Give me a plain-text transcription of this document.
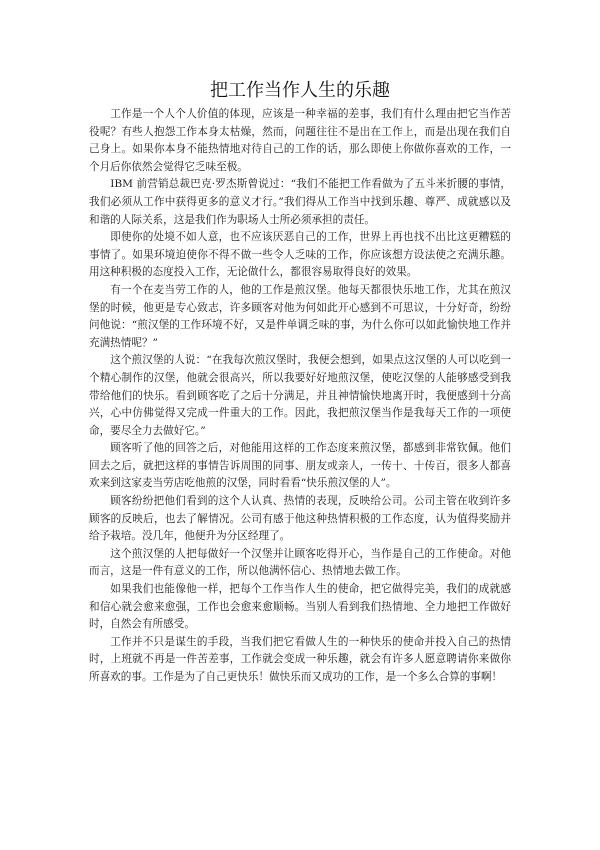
把工作当作人生的乐趣

工作是一个人个人价值的体现，应该是一种幸福的差事，我们有什么理由把它当作苦役呢？有些人抱怨工作本身太枯燥，然而，问题往往不是出在工作上，而是出现在我们自己身上。如果你本身不能热情地对待自己的工作的话，那么即使上你做你喜欢的工作，一个月后你依然会觉得它乏味至极。

IBM 前营销总裁巴克·罗杰斯曾说过：“我们不能把工作看做为了五斗米折腰的事情，我们必须从工作中获得更多的意义才行。”我们得从工作当中找到乐趣、尊严、成就感以及和谐的人际关系，这是我们作为职场人士所必须承担的责任。

即使你的处境不如人意，也不应该厌恶自己的工作，世界上再也找不出比这更糟糕的事情了。如果环境迫使你不得不做一些令人乏味的工作，你应该想方设法使之充满乐趣。用这种积极的态度投入工作，无论做什么，都很容易取得良好的效果。

有一个在麦当劳工作的人，他的工作是煎汉堡。他每天都很快乐地工作，尤其在煎汉堡的时候，他更是专心致志，许多顾客对他为何如此开心感到不可思议，十分好奇，纷纷问他说：“煎汉堡的工作环境不好，又是件单调乏味的事，为什么你可以如此愉快地工作并充满热情呢？”

这个煎汉堡的人说：“在我每次煎汉堡时，我便会想到，如果点这汉堡的人可以吃到一个精心制作的汉堡，他就会很高兴，所以我要好好地煎汉堡，使吃汉堡的人能够感受到我带给他们的快乐。看到顾客吃了之后十分满足，并且神情愉快地离开时，我便感到十分高兴，心中仿佛觉得又完成一件重大的工作。因此，我把煎汉堡当作是我每天工作的一项使命，要尽全力去做好它。”

顾客听了他的回答之后，对他能用这样的工作态度来煎汉堡，都感到非常钦佩。他们回去之后，就把这样的事情告诉周围的同事、朋友或亲人，一传十、十传百，很多人都喜欢来到这家麦当劳店吃他煎的汉堡，同时看看“快乐煎汉堡的人”。

顾客纷纷把他们看到的这个人认真、热情的表现，反映给公司。公司主管在收到许多顾客的反映后，也去了解情况。公司有感于他这种热情积极的工作态度，认为值得奖励并给予栽培。没几年，他便升为分区经理了。

这个煎汉堡的人把每做好一个汉堡并让顾客吃得开心，当作是自己的工作使命。对他而言，这是一件有意义的工作，所以他满怀信心、热情地去做工作。

如果我们也能像他一样，把每个工作当作人生的使命，把它做得完美，我们的成就感和信心就会愈来愈强，工作也会愈来愈顺畅。当别人看到我们热情地、全力地把工作做好时，自然会有所感受。

工作并不只是谋生的手段，当我们把它看做人生的一种快乐的使命并投入自己的热情时，上班就不再是一件苦差事，工作就会变成一种乐趣，就会有许多人愿意聘请你来做你所喜欢的事。工作是为了自己更快乐！做快乐而又成功的工作，是一个多么合算的事啊！
